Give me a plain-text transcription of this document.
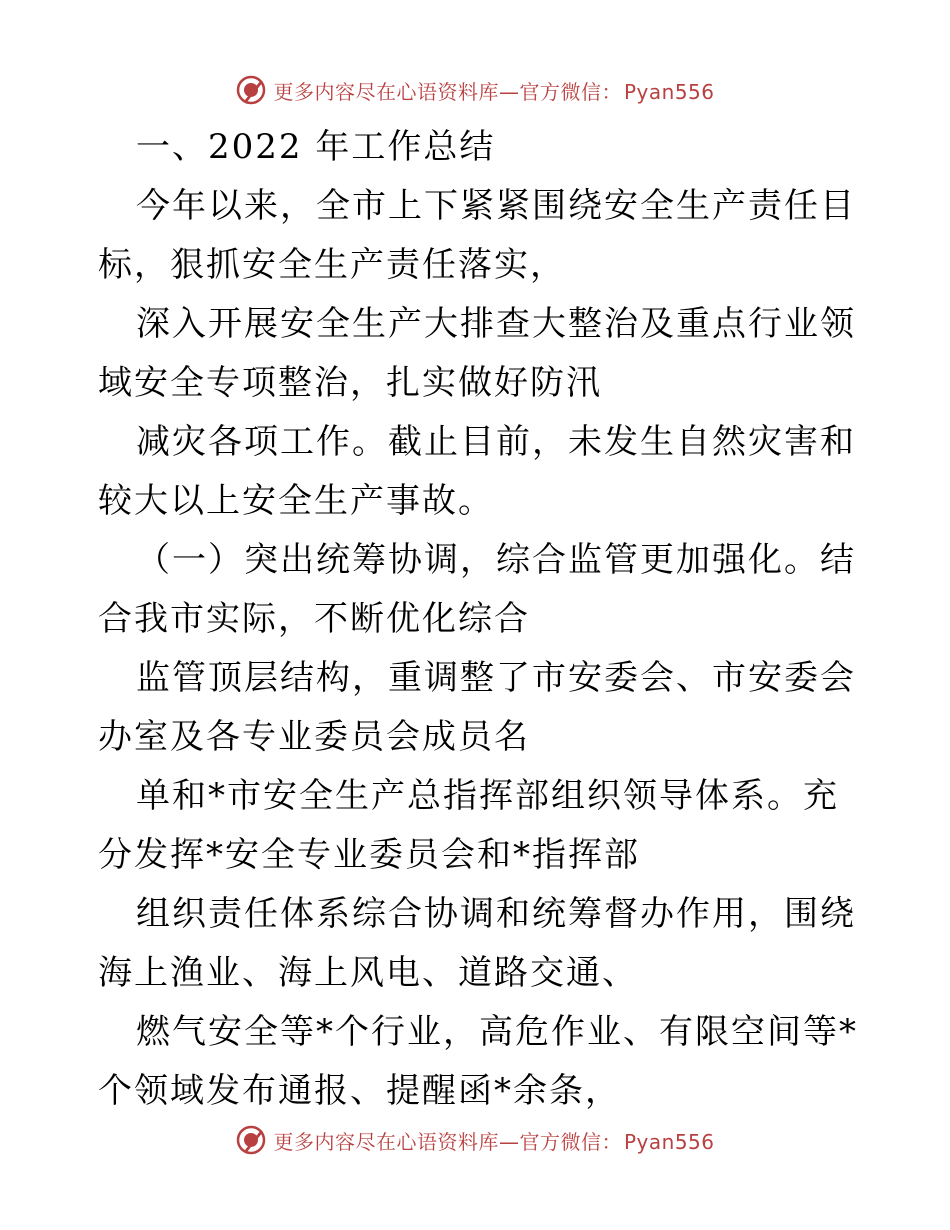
更多内容尽在心语资料库—官方微信： Pyan556

一、2022 年工作总结

今年以来，全市上下紧紧围绕安全生产责任目标，狠抓安全生产责任落实，

深入开展安全生产大排查大整治及重点行业领域安全专项整治，扎实做好防汛

减灾各项工作。截止目前，未发生自然灾害和较大以上安全生产事故。

（一）突出统筹协调，综合监管更加强化。结合我市实际，不断优化综合

监管顶层结构，重调整了市安委会、市安委会办室及各专业委员会成员名

单和*市安全生产总指挥部组织领导体系。充分发挥*安全专业委员会和*指挥部

组织责任体系综合协调和统筹督办作用，围绕海上渔业、海上风电、道路交通、

燃气安全等*个行业，高危作业、有限空间等*个领域发布通报、提醒函*余条，

更多内容尽在心语资料库—官方微信： Pyan556
